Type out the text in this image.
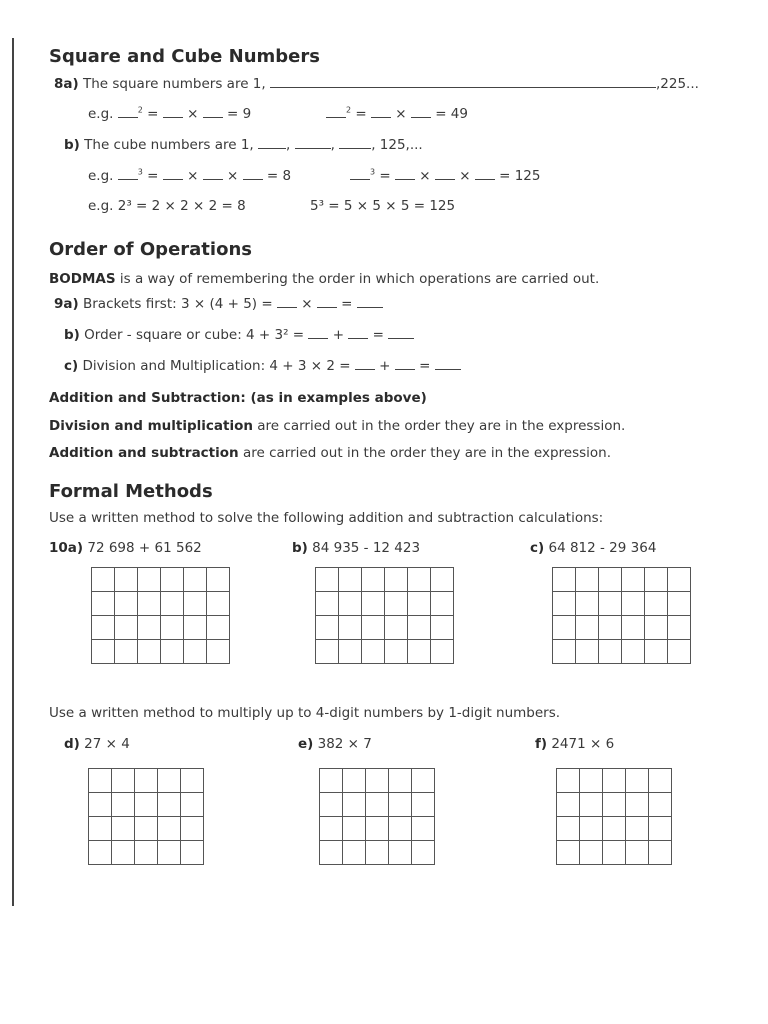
Square and Cube Numbers
8a) The square numbers are 1,	,225...
e.g.	$^2$ = × = 9	$^2$ = × = 49
b) The cube numbers are 1, ,	,	, 125,...
e.g.	$^3$ = × × = 8	$^3$ = × × = 125
e.g. 2³ = 2 × 2 × 2 = 8	5³ = 5 × 5 × 5 = 125
Order of Operations
BODMAS is a way of remembering the order in which operations are carried out.
9a) Brackets first: 3 × (4 + 5) = × =
b) Order - square or cube: 4 + 3² = + =
c) Division and Multiplication: 4 + 3 × 2 = + =
Addition and Subtraction: (as in examples above)
Division and multiplication are carried out in the order they are in the expression.
Addition and subtraction are carried out in the order they are in the expression.
Formal Methods
Use a written method to solve the following addition and subtraction calculations:
10a) 72 698 + 61 562	b) 84 935 - 12 423	c) 64 812 - 29 364

Use a written method to multiply up to 4-digit numbers by 1-digit numbers.
d) 27 × 4	e) 382 × 7	f) 2471 × 6
